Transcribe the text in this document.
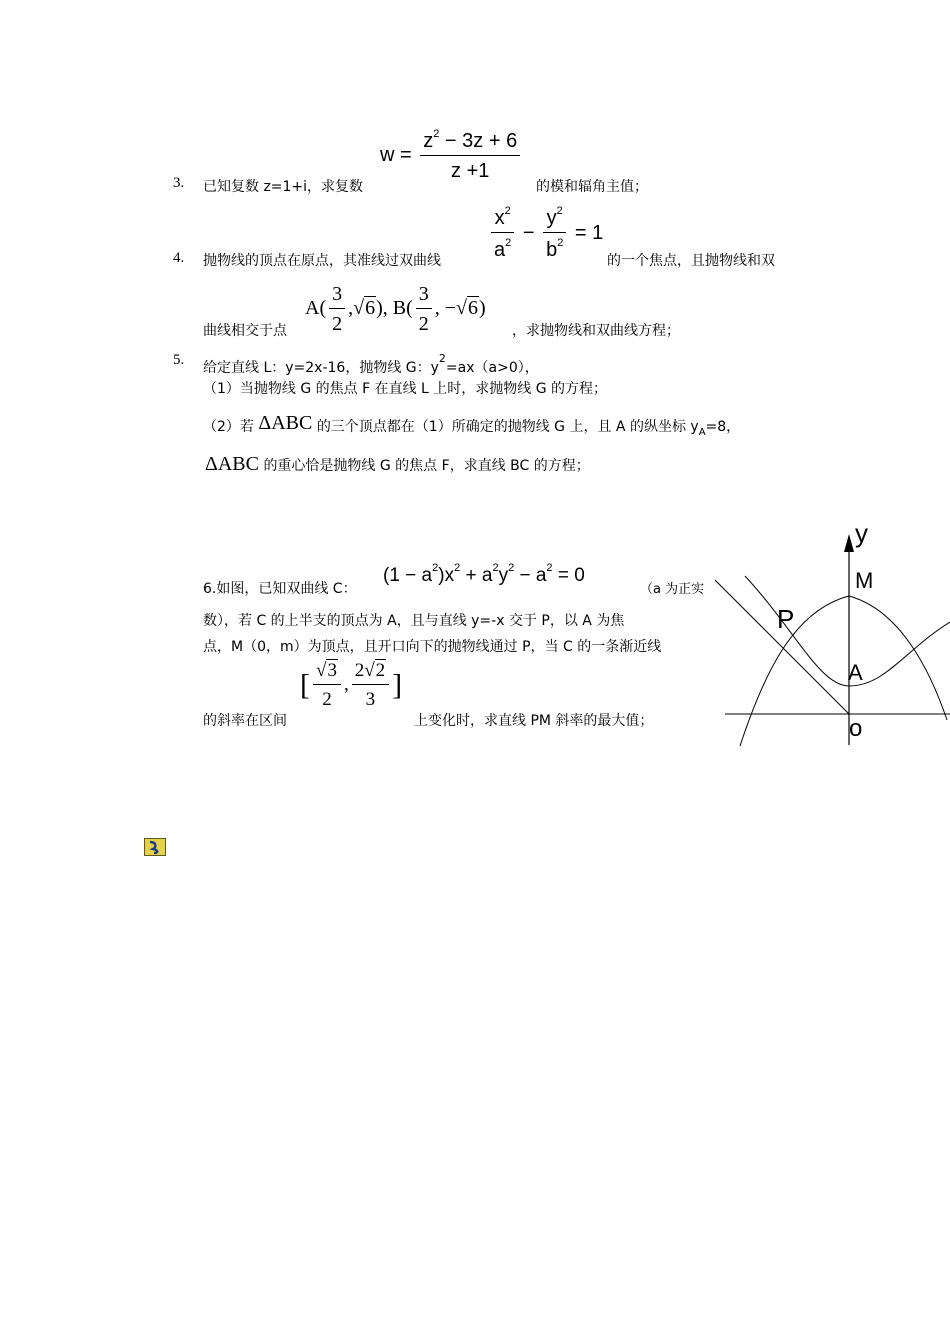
$w = \frac{z^2 - 3z + 6}{z +1}$
3. 已知复数 z=1+i，求复数	的模和辐角主值；
$\frac{x^2}{a^2} - \frac{y^2}{b^2} = 1$
4. 抛物线的顶点在原点，其准线过双曲线	的一个焦点，且抛物线和双
曲线相交于点
$A( \frac{3}{2} ,√6)$, $B( \frac{3}{2}$ , −√6)
，求抛物线和双曲线方程；
5. 给定直线 L：y=2x-16，抛物线 G：$y^2=ax(a>0)$，
（1）当抛物线 G 的焦点 F 在直线 L 上时，求抛物线 G 的方程；
（2）若 ΔABC 的三个顶点都在（1）所确定的抛物线 G 上，且 A 的纵坐标 $y_A=8$，
ΔABC 的重心恰是抛物线 G 的焦点 F，求直线 BC 的方程；
6.如图，已知双曲线 C：
$(1 - a^2)x^2 + a^2y^2 - a^2 = 0$
（a 为正实
数），若 C 的上半支的顶点为 A，且与直线 y=-x 交于 P，以 A 为焦
点，M（0，m）为顶点，且开口向下的抛物线通过 P，当 C 的一条渐近线
的斜率在区间
[ $\frac{√3}{2}$ , $\frac{2√2}{3}$ ]
上变化时，求直线 PM 斜率的最大值；
y
M
P
A
o
